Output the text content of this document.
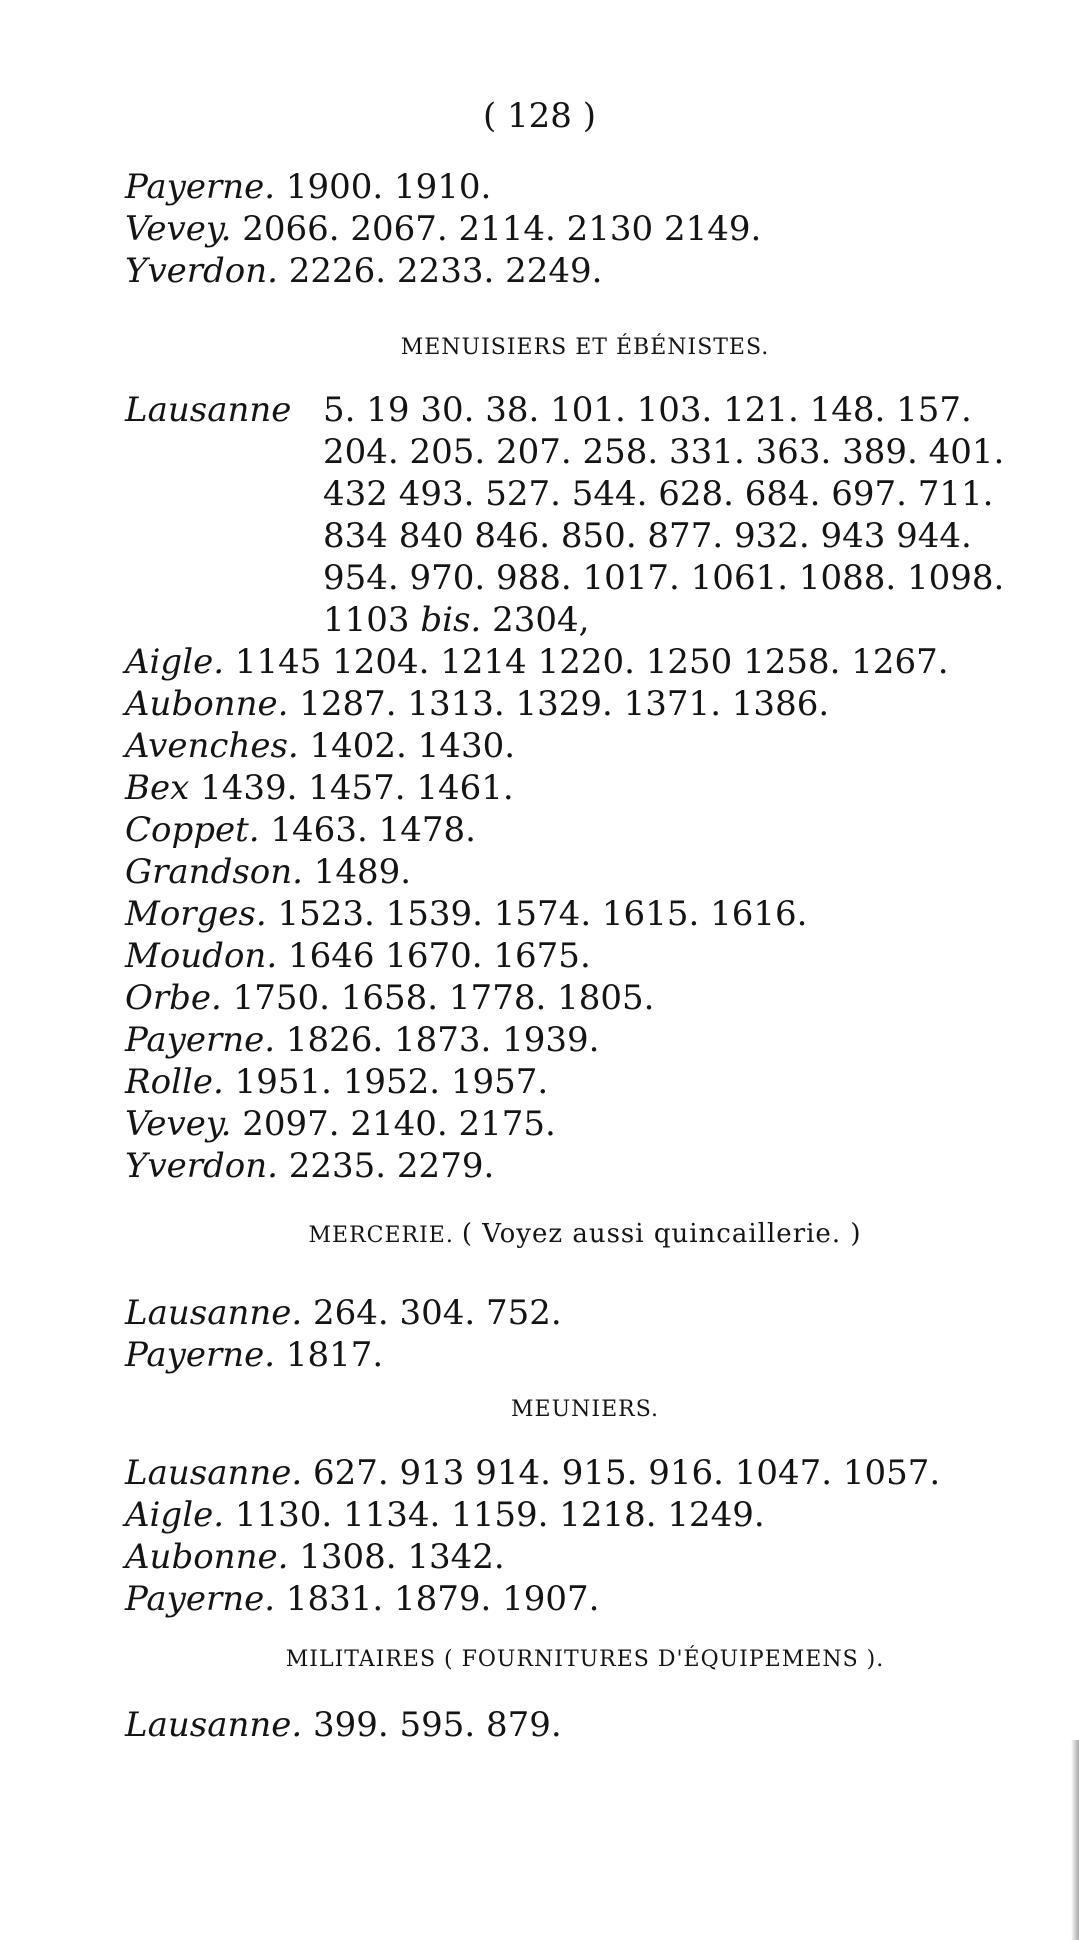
( 128 )
Payerne. 1900. 1910.
Vevey. 2066. 2067. 2114. 2130 2149.
Yverdon. 2226. 2233. 2249.
MENUISIERS ET ÉBÉNISTES.
Lausanne 5. 19 30. 38. 101. 103. 121. 148. 157.
204. 205. 207. 258. 331. 363. 389. 401.
432 493. 527. 544. 628. 684. 697. 711.
834 840 846. 850. 877. 932. 943 944.
954. 970. 988. 1017. 1061. 1088. 1098.
1103 bis. 2304,
Aigle. 1145 1204. 1214 1220. 1250 1258. 1267.
Aubonne. 1287. 1313. 1329. 1371. 1386.
Avenches. 1402. 1430.
Bex 1439. 1457. 1461.
Coppet. 1463. 1478.
Grandson. 1489.
Morges. 1523. 1539. 1574. 1615. 1616.
Moudon. 1646 1670. 1675.
Orbe. 1750. 1658. 1778. 1805.
Payerne. 1826. 1873. 1939.
Rolle. 1951. 1952. 1957.
Vevey. 2097. 2140. 2175.
Yverdon. 2235. 2279.
MERCERIE. ( Voyez aussi quincaillerie. )
Lausanne. 264. 304. 752.
Payerne. 1817.
MEUNIERS.
Lausanne. 627. 913 914. 915. 916. 1047. 1057.
Aigle. 1130. 1134. 1159. 1218. 1249.
Aubonne. 1308. 1342.
Payerne. 1831. 1879. 1907.
MILITAIRES ( FOURNITURES D'ÉQUIPEMENS ).
Lausanne. 399. 595. 879.
